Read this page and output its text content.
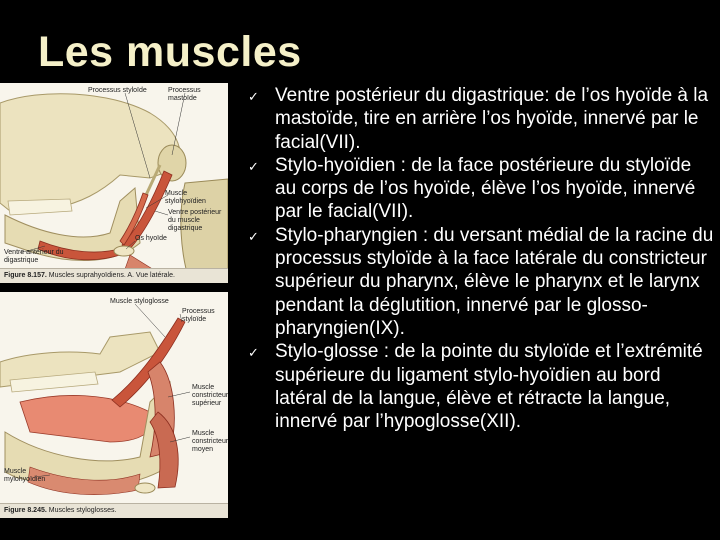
Les muscles
Processus styloïde	Processus mastoïde
Muscle stylohyoïdien
Ventre postérieur du muscle digastrique
Os hyoïde
Ventre antérieur du digastrique
Figure 8.157. Muscles suprahyoïdiens. A. Vue latérale.
Muscle styloglosse
Processus styloïde
Muscle constricteur supérieur
Muscle constricteur moyen
Muscle mylohyoïdien
Figure 8.245. Muscles styloglosses.
✓ Ventre postérieur du digastrique: de l’os hyoïde à la mastoïde, tire en arrière l’os hyoïde, innervé par le facial(VII).
✓ Stylo-hyoïdien : de la face postérieure du styloïde au corps de l’os hyoïde, élève l’os hyoïde, innervé par le facial(VII).
✓ Stylo-pharyngien : du versant médial de la racine du processus styloïde à la face latérale du constricteur supérieur du pharynx, élève le pharynx et le larynx pendant la déglutition, innervé par le glosso-pharyngien(IX).
✓ Stylo-glosse : de la pointe du styloïde et l’extrémité supérieure du ligament stylo-hyoïdien au bord latéral de la langue, élève et rétracte la langue, innervé par l’hypoglosse(XII).
